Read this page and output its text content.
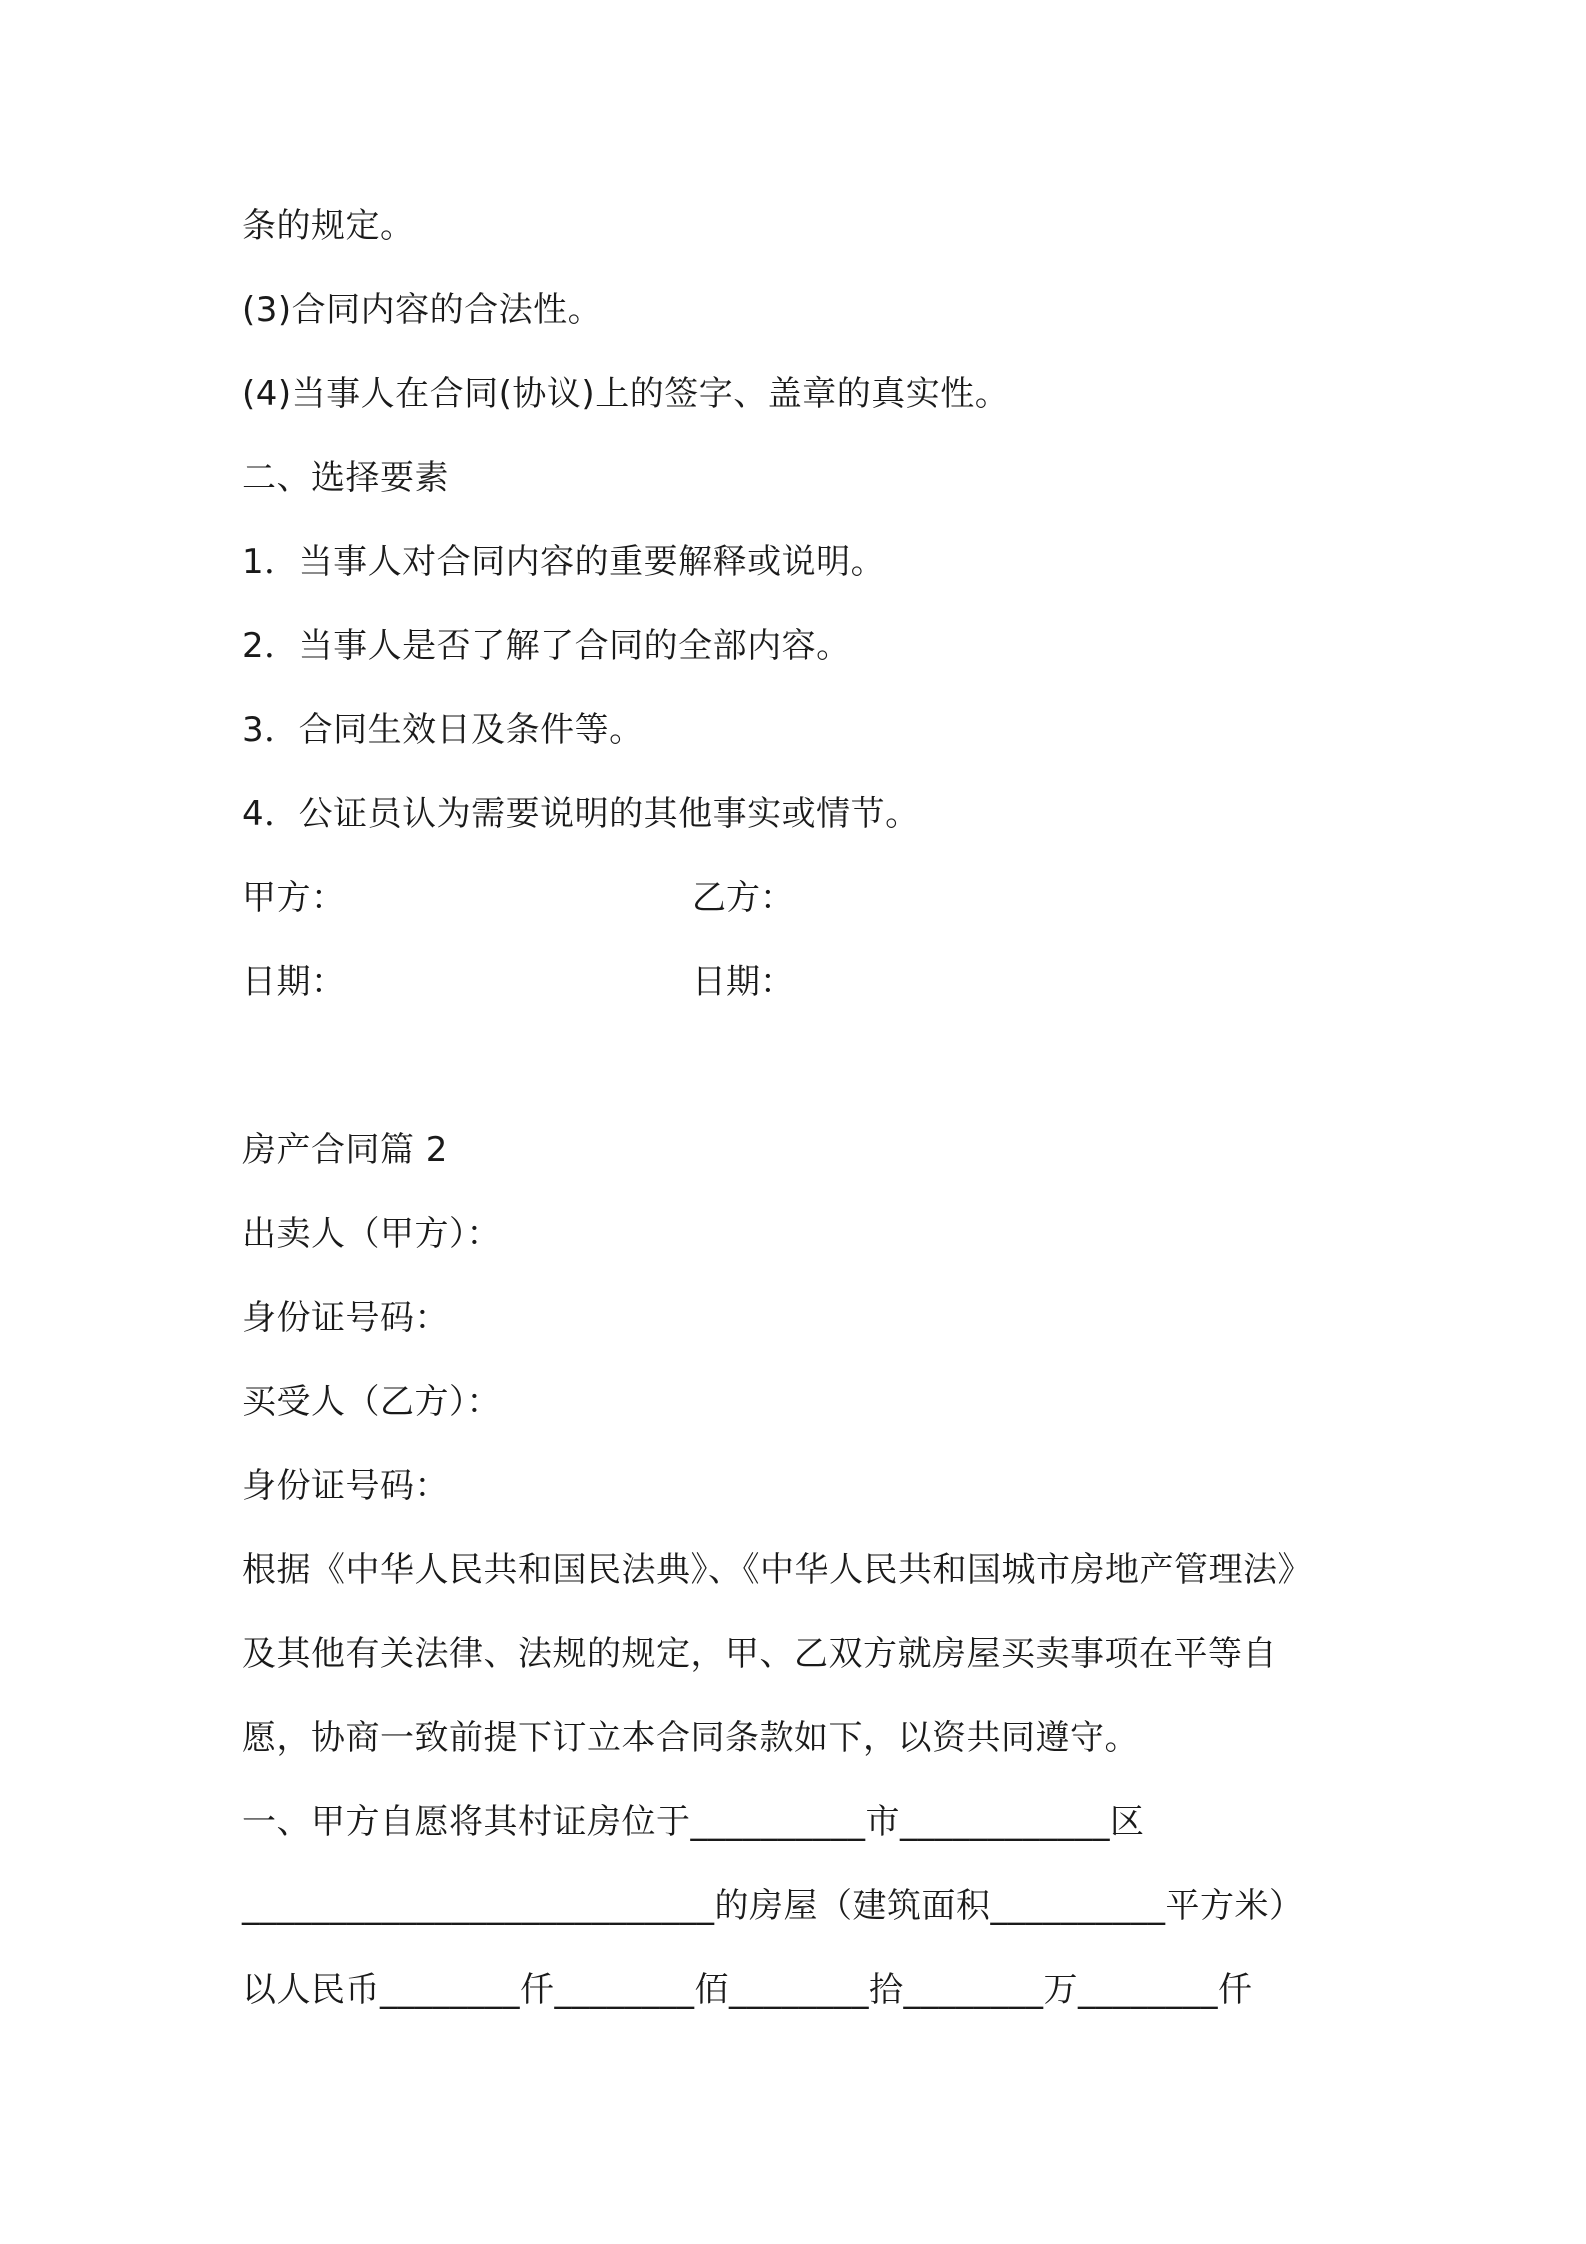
条的规定。
(3)合同内容的合法性。
(4)当事人在合同(协议)上的签字、盖章的真实性。
二、选择要素
1．当事人对合同内容的重要解释或说明。
2．当事人是否了解了合同的全部内容。
3．合同生效日及条件等。
4．公证员认为需要说明的其他事实或情节。
甲方：	乙方：
日期：	日期：
房产合同篇 2
出卖人（甲方）：
身份证号码：
买受人（乙方）：
身份证号码：
根据《中华人民共和国民法典》、《中华人民共和国城市房地产管理法》
及其他有关法律、法规的规定，甲、乙双方就房屋买卖事项在平等自
愿，协商一致前提下订立本合同条款如下，以资共同遵守。
一、甲方自愿将其村证房位于__________市____________区
___________________________的房屋（建筑面积__________平方米）
以人民币________仟________佰________拾________万________仟
